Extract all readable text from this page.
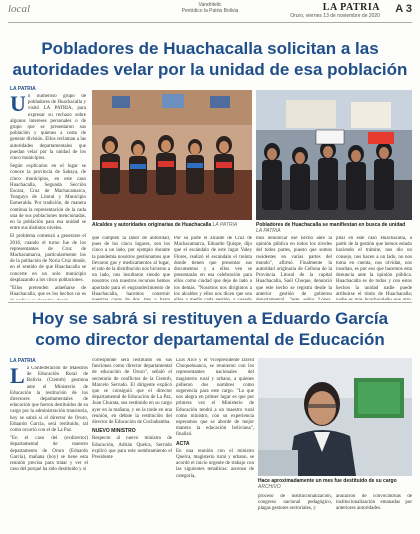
local	Vandritelic
Periódico la Patria Bolivia	LA PATRIA
Oruro, viernes 13 de noviembre de 2020
A 3
Pobladores de Huachacalla solicitan a las
autoridades velar por la unidad de esa población
LA PATRIA
U n numeroso grupo de pobladores de Huachacalla y visitó LA PATRIA, para expresar su rechazo sobre algunos intereses personales o de grupo que se presentaron sus población y quienes a costa de generar división. Ellos reclaman a las autoridades departamentales que puedan velar por la unidad de los cinco municipios.

Según explicaron en el lugar se conoce la provincia de Sabaya, de cinco municipios, en este caso Huachacalla, Segunda Sección Escara, Cruz de Machacamarca, Yunguyo de Litoral y Municipio Esmeralda. Por tradición, de manera continua la representación de la cada una de sus poblaciones mencionadas, en la población para esa unidad se entre sus distintos niveles.

El problema comenzó a generarse el 2016, cuando el turno fue de los representantes de Cruz de Machacamarca, particularmente los de la población de Noria Cruz donde, en el sentido de que Huachacalla se concerte en un solo municipio desplazando a los cinco poblaciones.

"Ellos pretenden adueñarse de Huachacalla, que es los hechos no es

Alcaldes y autoridades originarias de Huachacalla LA PATRIA	Pobladores de Huachacalla se manifiestan en busca de unidad LA PATRIA

que cumplen la labor de autoridad, pues de los cinco lugares, son los cinco a un lado, por ejemplo durante la pandemia nosotros gestionamos que llevaron gas y medicamentos al lugar, el rato de la distribución nos hicieron a un lado, nos insultaron siendo que nosotros con nuestros recursos hemos aportado para el engrandecimiento de Huachacalla, hacemos construir

Por su parte el alcalde de Cruz de Machacamarca, Eduardo Quispe, dijo que el escándalo de este lugar Valey Flores, realizó el escándalo el treinta donde tienen que presentar sus documentos y a ellos ven se presentarán en esa celebración para ellos como ciudad que deje de lado a los demás. "Nosotros nos dirigimos a los alcaldes y ellos nos dicen que son

mos denunciar ese hecho ante la opinión pública en todos los niveles del todos partes, puesto que somos residentes en varias partes del mundo", afirmó. Finalmente la autoridad originaria de Cellona de la Provincia Litoral de la capital Huachacalla, Saúl Choque, denunció que este hecho se registra desde la anterior gestión de gobierno

pital en este caso Huachacalla, a partir de la gestión que hemos estado haciendo el trámite, nos dio un consejo, nos hacen a un lado, no nos toma en cuenta, nos olvidan, nos insultan, es por eso que hacemos esta denuncia ante la opinión pública. Huachacalla es de todos y con estos hechos la unidad nadie puede atribuirse el título de Huachacalla;

Hoy se sabrá si restituyen a Eduardo García
como director departamental de Educación
LA PATRIA
L a Confederación de Maestros de Educación Rural de Bolivia (Ctemrb) gestiona ante el Ministerio de Educación la restitución de los directores departamentales de educación que fueron destituidos de su cargo por la administración transitoria, hoy se sabrá si el director de Oruro, Eduardo García, será restituido, tal como ocurrió con el de La Paz.

"En el caso del (exdirector) departamental de maestro departamento de Oruro (Eduardo García), mañana (hoy) se tiene esta reunión precisa para tratar y ver el caso del porqué ha sido destituido y si

corresponde será restituido en sus funciones como director departamental de educación de Oruro", señaló el secretario de conflictos de la Ctemrb, Marcelo Serrudo. El dirigente explicó que se consiguió que el director departamental de Educación de La Paz, Juan Churata, sea restituido en su cargo ayer en la mañana, y en la tarde en una reunión, en debate la restitución del director de Educación de Cochabamba.

NUEVO MINISTRO

Respecto al nuevo ministro de Educación, Adrián Quelca, Serrudo explicó que para este nombramiento el Presidente

Luis Arce y el Vicepresidente David Choquehuanca, se reunieron con los representantes nacionales del magisterio rural y urbano, a quienes pidieron dos nombres como sugerencia para este cargo. "Lo que nos alegra en primer lugar es que por primera vez el Ministerio de Educación tendrá a un maestro rural como ministro, con su experiencia esperamos que se aborde de mejor manera la educación boliviana", finalizó.

ACTA

En una reunión con el ministro Quelca, magisterio rural y urbano, se acordó el inicio urgente de trabajo con las siguientes temáticas: ascenso de categoría,

Hace aproximadamente un mes fue destituido de su cargo ARCHIVO

proceso de institucionalización, congreso nacional pedagógico, plagas gestores sectoriales, y

anulación de convocatorias de institucionalización emanadas por anteriores autoridades.
